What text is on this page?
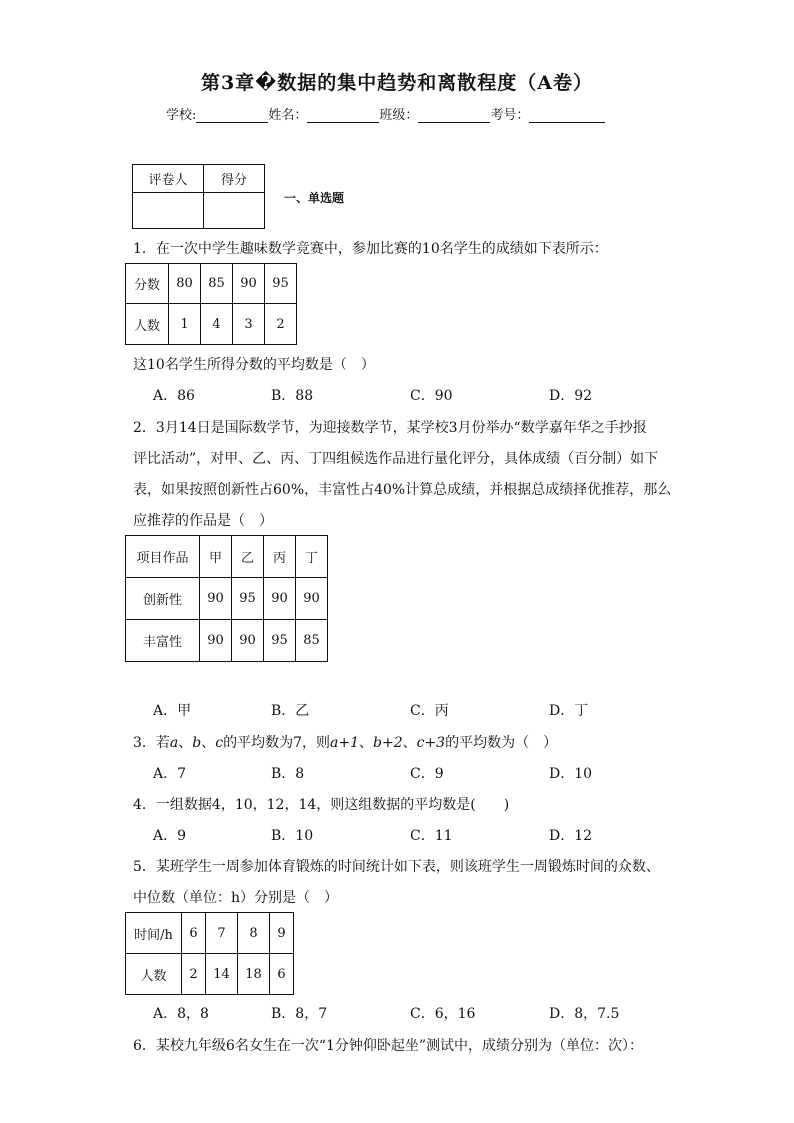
第3章�数据的集中趋势和离散程度（A卷）
学校:	姓名：	班级：	考号：
评卷人	得分

一、单选题
1．在一次中学生趣味数学竞赛中，参加比赛的10名学生的成绩如下表所示：
分数	80	85	90	95
人数	1	4	3	2
这10名学生所得分数的平均数是（　）
A．86	B．88	C．90	D．92
2．3月14日是国际数学节，为迎接数学节，某学校3月份举办“数学嘉年华之手抄报
评比活动”，对甲、乙、丙、丁四组候选作品进行量化评分，具体成绩（百分制）如下
表，如果按照创新性占60%，丰富性占40%计算总成绩，并根据总成绩择优推荐，那么
应推荐的作品是（　）
项目作品	甲	乙	丙	丁
创新性	90	95	90	90
丰富性	90	90	95	85
A．甲	B．乙	C．丙	D．丁
3．若a、b、c的平均数为7，则a+1、b+2、c+3的平均数为（　）
A．7	B．8	C．9	D．10
4．一组数据4，10，12，14，则这组数据的平均数是(　　)
A．9	B．10	C．11	D．12
5．某班学生一周参加体育锻炼的时间统计如下表，则该班学生一周锻炼时间的众数、
中位数（单位：h）分别是（　）
时间/h	6	7	8	9
人数	2	14	18	6
A．8，8	B．8，7	C．6，16	D．8，7.5
6．某校九年级6名女生在一次“1分钟仰卧起坐”测试中，成绩分别为（单位：次）：
